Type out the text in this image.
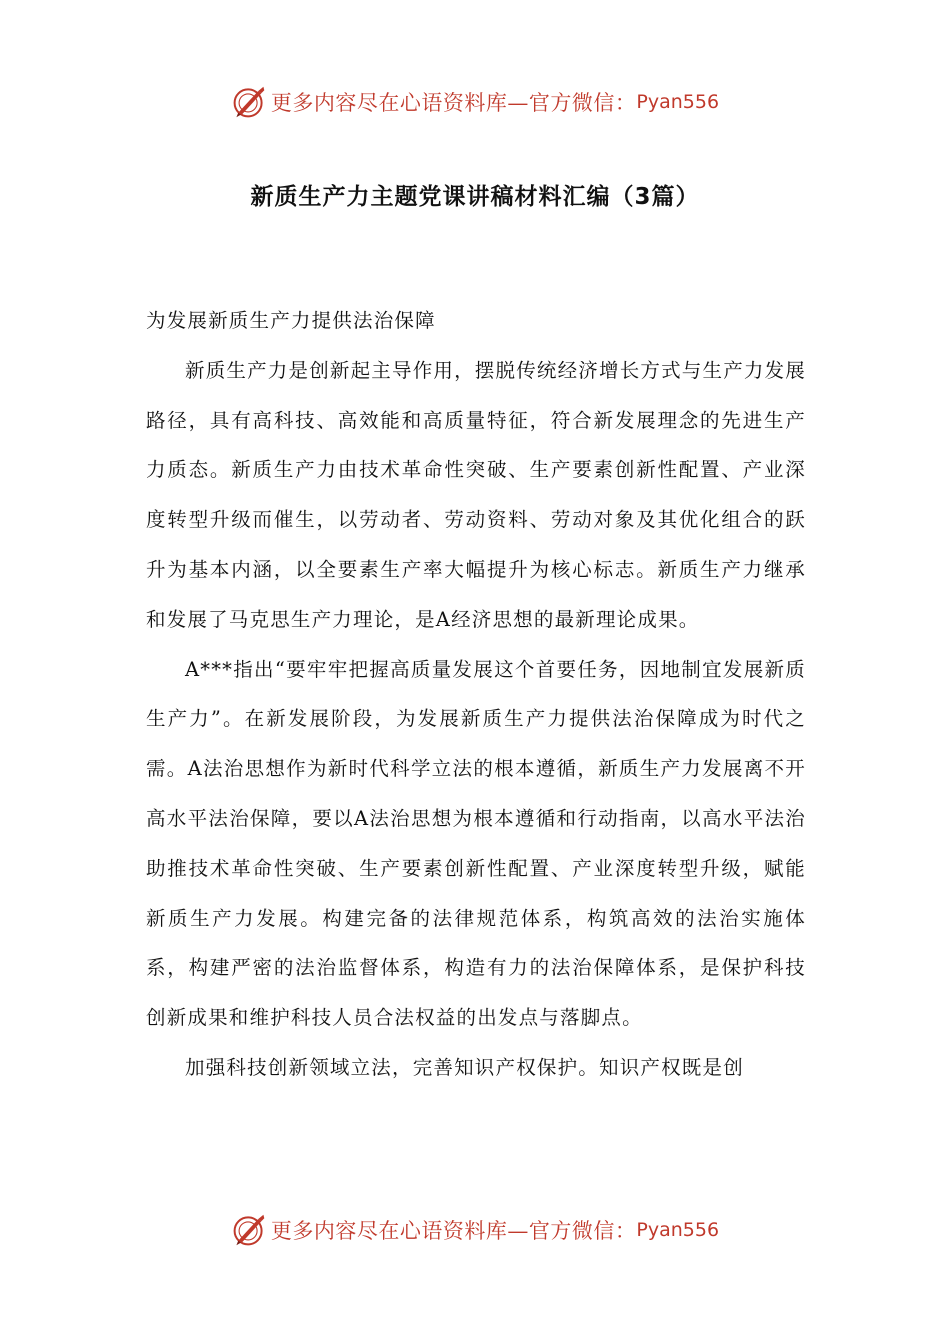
更多内容尽在心语资料库—官方微信： Pyan556
新质生产力主题党课讲稿材料汇编（3篇）

为发展新质生产力提供法治保障

新质生产力是创新起主导作用，摆脱传统经济增长方式与生产力发展路径，具有高科技、高效能和高质量特征，符合新发展理念的先进生产力质态。新质生产力由技术革命性突破、生产要素创新性配置、产业深度转型升级而催生，以劳动者、劳动资料、劳动对象及其优化组合的跃升为基本内涵，以全要素生产率大幅提升为核心标志。新质生产力继承和发展了马克思生产力理论，是A经济思想的最新理论成果。

A***指出“要牢牢把握高质量发展这个首要任务，因地制宜发展新质生产力”。在新发展阶段，为发展新质生产力提供法治保障成为时代之需。A法治思想作为新时代科学立法的根本遵循，新质生产力发展离不开高水平法治保障，要以A法治思想为根本遵循和行动指南，以高水平法治助推技术革命性突破、生产要素创新性配置、产业深度转型升级，赋能新质生产力发展。构建完备的法律规范体系，构筑高效的法治实施体系，构建严密的法治监督体系，构造有力的法治保障体系，是保护科技创新成果和维护科技人员合法权益的出发点与落脚点。

加强科技创新领域立法，完善知识产权保护。知识产权既是创

更多内容尽在心语资料库—官方微信： Pyan556
